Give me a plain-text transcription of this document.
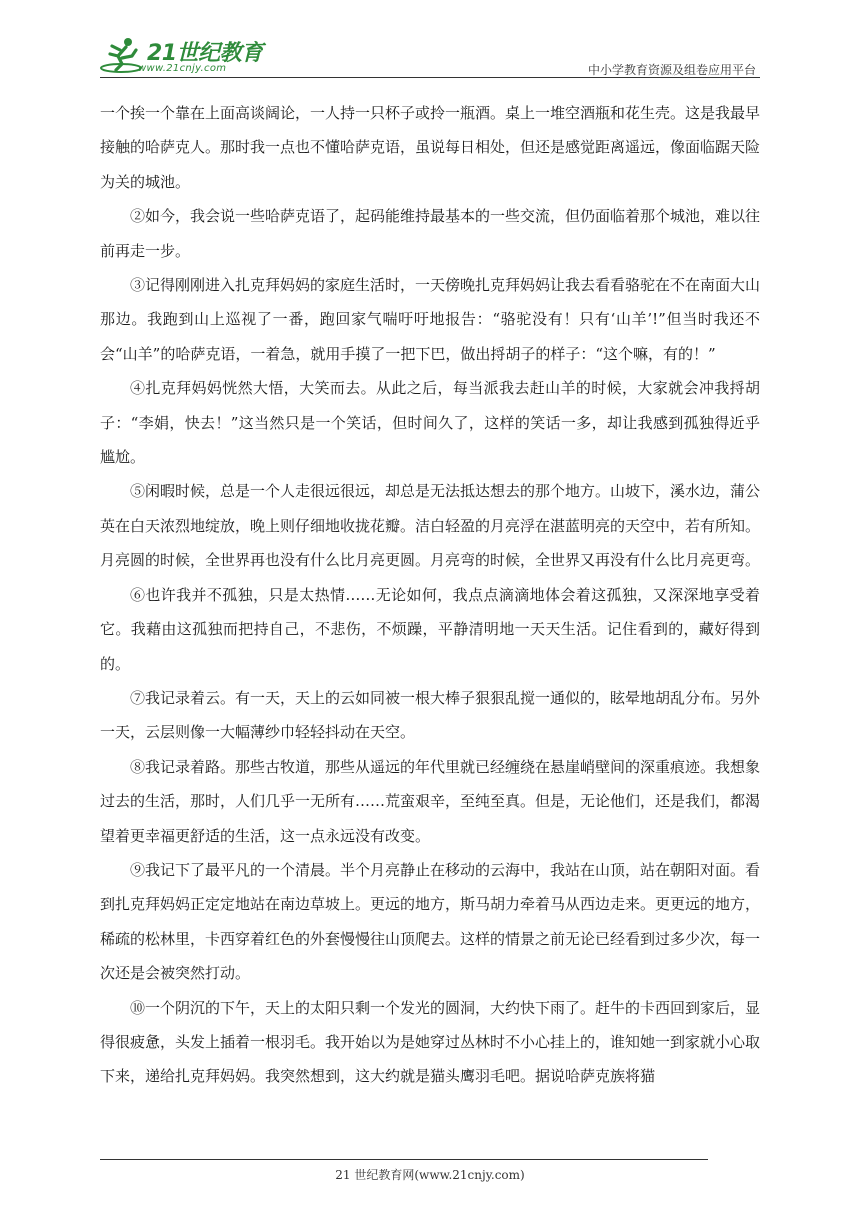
21世纪教育
www.21cnjy.com	中小学教育资源及组卷应用平台

一个挨一个靠在上面高谈阔论，一人持一只杯子或拎一瓶酒。桌上一堆空酒瓶和花生壳。这是我最早接触的哈萨克人。那时我一点也不懂哈萨克语，虽说每日相处，但还是感觉距离遥远，像面临踞天险为关的城池。

②如今，我会说一些哈萨克语了，起码能维持最基本的一些交流，但仍面临着那个城池，难以往前再走一步。

③记得刚刚进入扎克拜妈妈的家庭生活时，一天傍晚扎克拜妈妈让我去看看骆驼在不在南面大山那边。我跑到山上巡视了一番，跑回家气喘吁吁地报告：“骆驼没有！只有‘山羊’!”但当时我还不会“山羊”的哈萨克语，一着急，就用手摸了一把下巴，做出捋胡子的样子：“这个嘛，有的！”

④扎克拜妈妈恍然大悟，大笑而去。从此之后，每当派我去赶山羊的时候，大家就会冲我捋胡子：“李娟，快去！”这当然只是一个笑话，但时间久了，这样的笑话一多，却让我感到孤独得近乎尴尬。

⑤闲暇时候，总是一个人走很远很远，却总是无法抵达想去的那个地方。山坡下，溪水边，蒲公英在白天浓烈地绽放，晚上则仔细地收拢花瓣。洁白轻盈的月亮浮在湛蓝明亮的天空中，若有所知。月亮圆的时候，全世界再也没有什么比月亮更圆。月亮弯的时候，全世界又再没有什么比月亮更弯。

⑥也许我并不孤独，只是太热情……无论如何，我点点滴滴地体会着这孤独，又深深地享受着它。我藉由这孤独而把持自己，不悲伤，不烦躁，平静清明地一天天生活。记住看到的，藏好得到的。

⑦我记录着云。有一天，天上的云如同被一根大棒子狠狠乱搅一通似的，眩晕地胡乱分布。另外一天，云层则像一大幅薄纱巾轻轻抖动在天空。

⑧我记录着路。那些古牧道，那些从遥远的年代里就已经缠绕在悬崖峭壁间的深重痕迹。我想象过去的生活，那时，人们几乎一无所有……荒蛮艰辛，至纯至真。但是，无论他们，还是我们，都渴望着更幸福更舒适的生活，这一点永远没有改变。

⑨我记下了最平凡的一个清晨。半个月亮静止在移动的云海中，我站在山顶，站在朝阳对面。看到扎克拜妈妈正定定地站在南边草坡上。更远的地方，斯马胡力牵着马从西边走来。更更远的地方，稀疏的松林里，卡西穿着红色的外套慢慢往山顶爬去。这样的情景之前无论已经看到过多少次，每一次还是会被突然打动。

⑩一个阴沉的下午，天上的太阳只剩一个发光的圆洞，大约快下雨了。赶牛的卡西回到家后，显得很疲惫，头发上插着一根羽毛。我开始以为是她穿过丛林时不小心挂上的，谁知她一到家就小心取下来，递给扎克拜妈妈。我突然想到，这大约就是猫头鹰羽毛吧。据说哈萨克族将猫

21 世纪教育网(www.21cnjy.com)
